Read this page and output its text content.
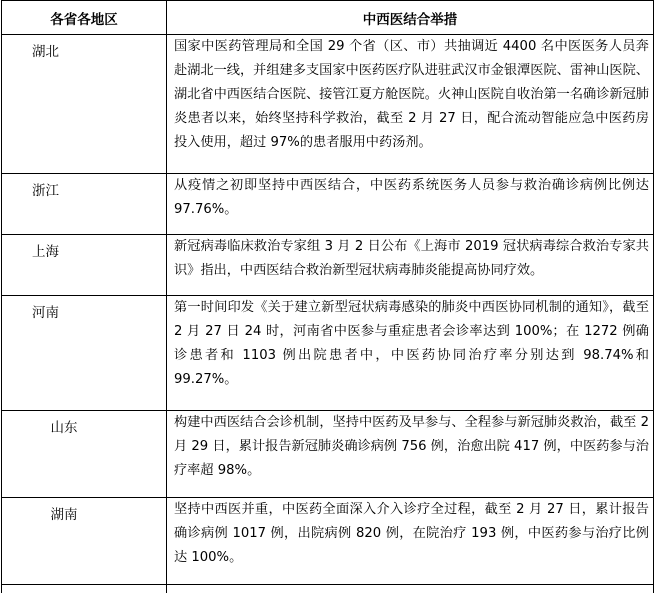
各省各地区	中西医结合举措
湖北	国家中医药管理局和全国 29 个省（区、市）共抽调近 4400 名中医医务人员奔赴湖北一线，并组建多支国家中医药医疗队进驻武汉市金银潭医院、雷神山医院、湖北省中西医结合医院、接管江夏方舱医院。火神山医院自收治第一名确诊新冠肺炎患者以来，始终坚持科学救治，截至 2 月 27 日，配合流动智能应急中医药房投入使用，超过 97%的患者服用中药汤剂。
浙江	从疫情之初即坚持中西医结合，中医药系统医务人员参与救治确诊病例比例达 97.76%。
上海	新冠病毒临床救治专家组 3 月 2 日公布《上海市 2019 冠状病毒综合救治专家共识》指出，中西医结合救治新型冠状病毒肺炎能提高协同疗效。
河南	第一时间印发《关于建立新型冠状病毒感染的肺炎中西医协同机制的通知》，截至 2 月 27 日 24 时，河南省中医参与重症患者会诊率达到 100%；在 1272 例确诊患者和 1103 例出院患者中，中医药协同治疗率分别达到 98.74%和 99.27%。
山东	构建中西医结合会诊机制，坚持中医药及早参与、全程参与新冠肺炎救治，截至 2 月 29 日，累计报告新冠肺炎确诊病例 756 例，治愈出院 417 例，中医药参与治疗率超 98%。
湖南	坚持中西医并重，中医药全面深入介入诊疗全过程，截至 2 月 27 日，累计报告确诊病例 1017 例，出院病例 820 例，在院治疗 193 例，中医药参与治疗比例达 100%。
